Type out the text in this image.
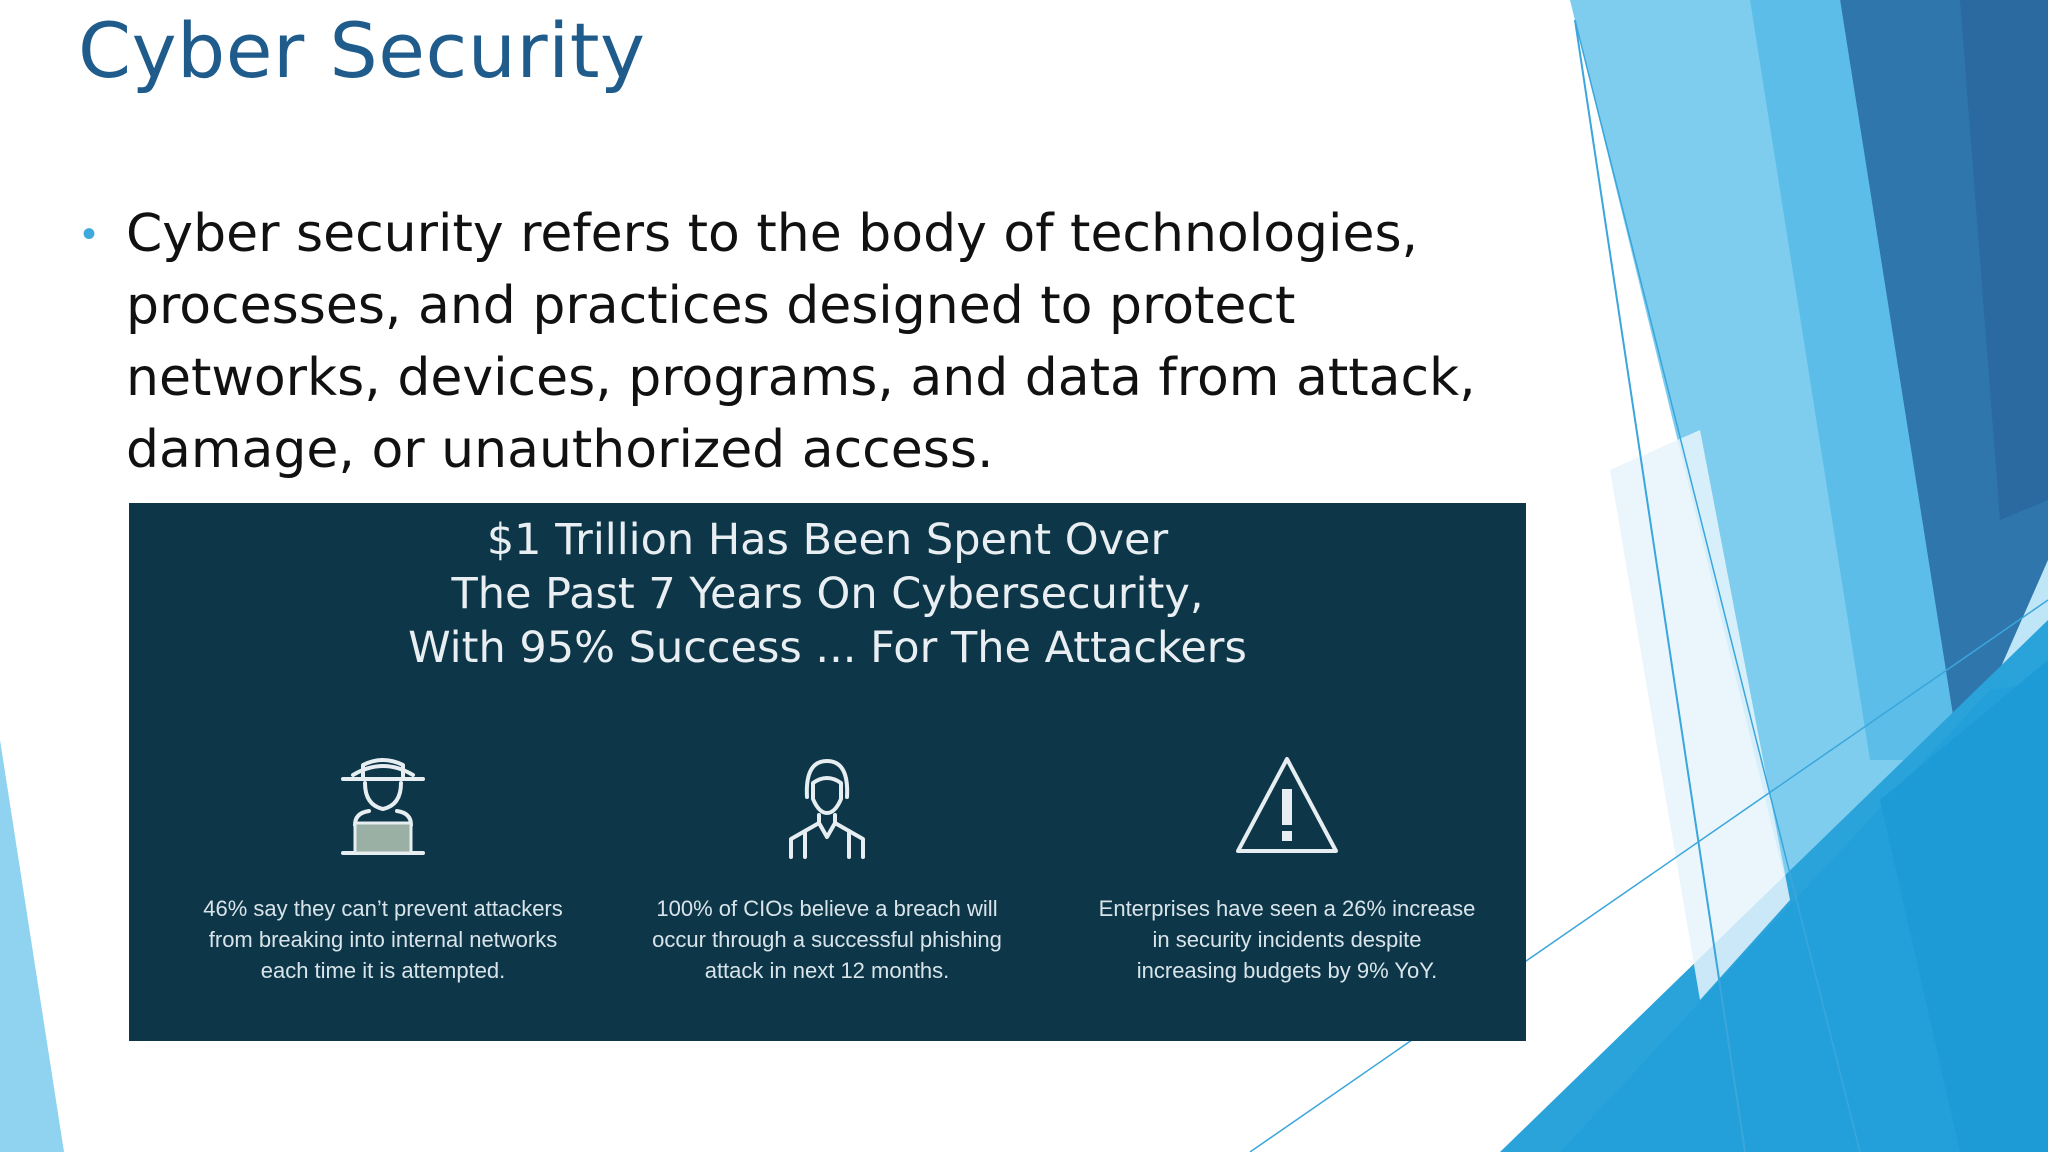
Cyber Security
• Cyber security refers to the body of technologies, processes, and practices designed to protect networks, devices, programs, and data from attack, damage, or unauthorized access.
$1 Trillion Has Been Spent Over
The Past 7 Years On Cybersecurity,
With 95% Success ... For The Attackers
46% say they can’t prevent attackers
from breaking into internal networks
each time it is attempted.
100% of CIOs believe a breach will
occur through a successful phishing
attack in next 12 months.
Enterprises have seen a 26% increase
in security incidents despite
increasing budgets by 9% YoY.
